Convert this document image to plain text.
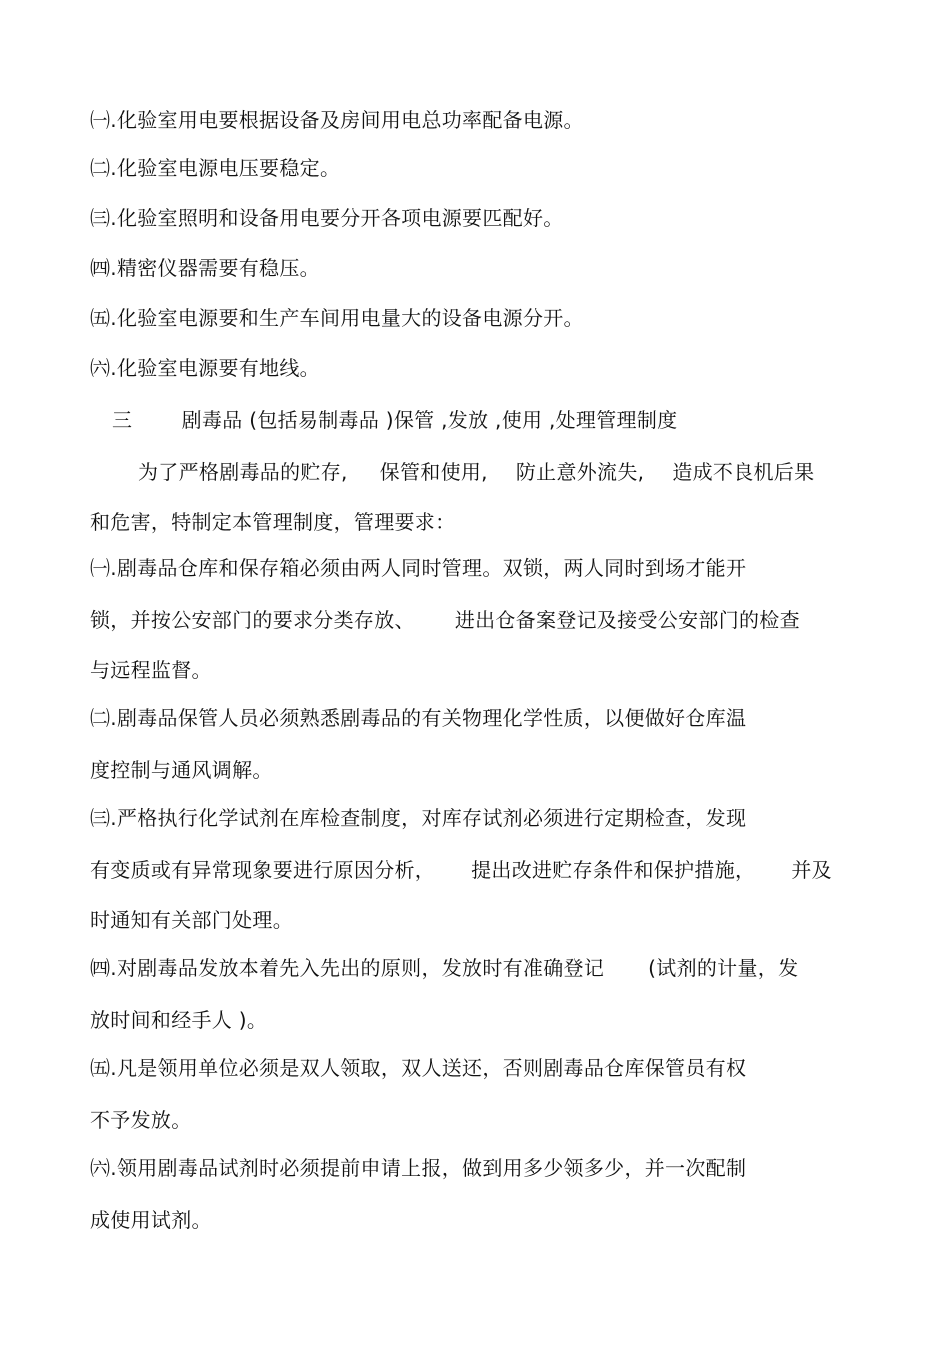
㈠.化验室用电要根据设备及房间用电总功率配备电源。
㈡.化验室电源电压要稳定。
㈢.化验室照明和设备用电要分开各项电源要匹配好。
㈣.精密仪器需要有稳压。
㈤.化验室电源要和生产车间用电量大的设备电源分开。
㈥.化验室电源要有地线。
三 剧毒品 (包括易制毒品 )保管 ,发放 ,使用 ,处理管理制度
为了严格剧毒品的贮存, 保管和使用, 防止意外流失, 造成不良机后果
和危害，特制定本管理制度，管理要求：
㈠.剧毒品仓库和保存箱必须由两人同时管理。双锁，两人同时到场才能开
锁，并按公安部门的要求分类存放、 进出仓备案登记及接受公安部门的检查
与远程监督。
㈡.剧毒品保管人员必须熟悉剧毒品的有关物理化学性质，以便做好仓库温
度控制与通风调解。
㈢.严格执行化学试剂在库检查制度，对库存试剂必须进行定期检查，发现
有变质或有异常现象要进行原因分析， 提出改进贮存条件和保护措施， 并及
时通知有关部门处理。
㈣.对剧毒品发放本着先入先出的原则，发放时有准确登记 (试剂的计量，发
放时间和经手人 )。
㈤.凡是领用单位必须是双人领取，双人送还，否则剧毒品仓库保管员有权
不予发放。
㈥.领用剧毒品试剂时必须提前申请上报，做到用多少领多少，并一次配制
成使用试剂。
